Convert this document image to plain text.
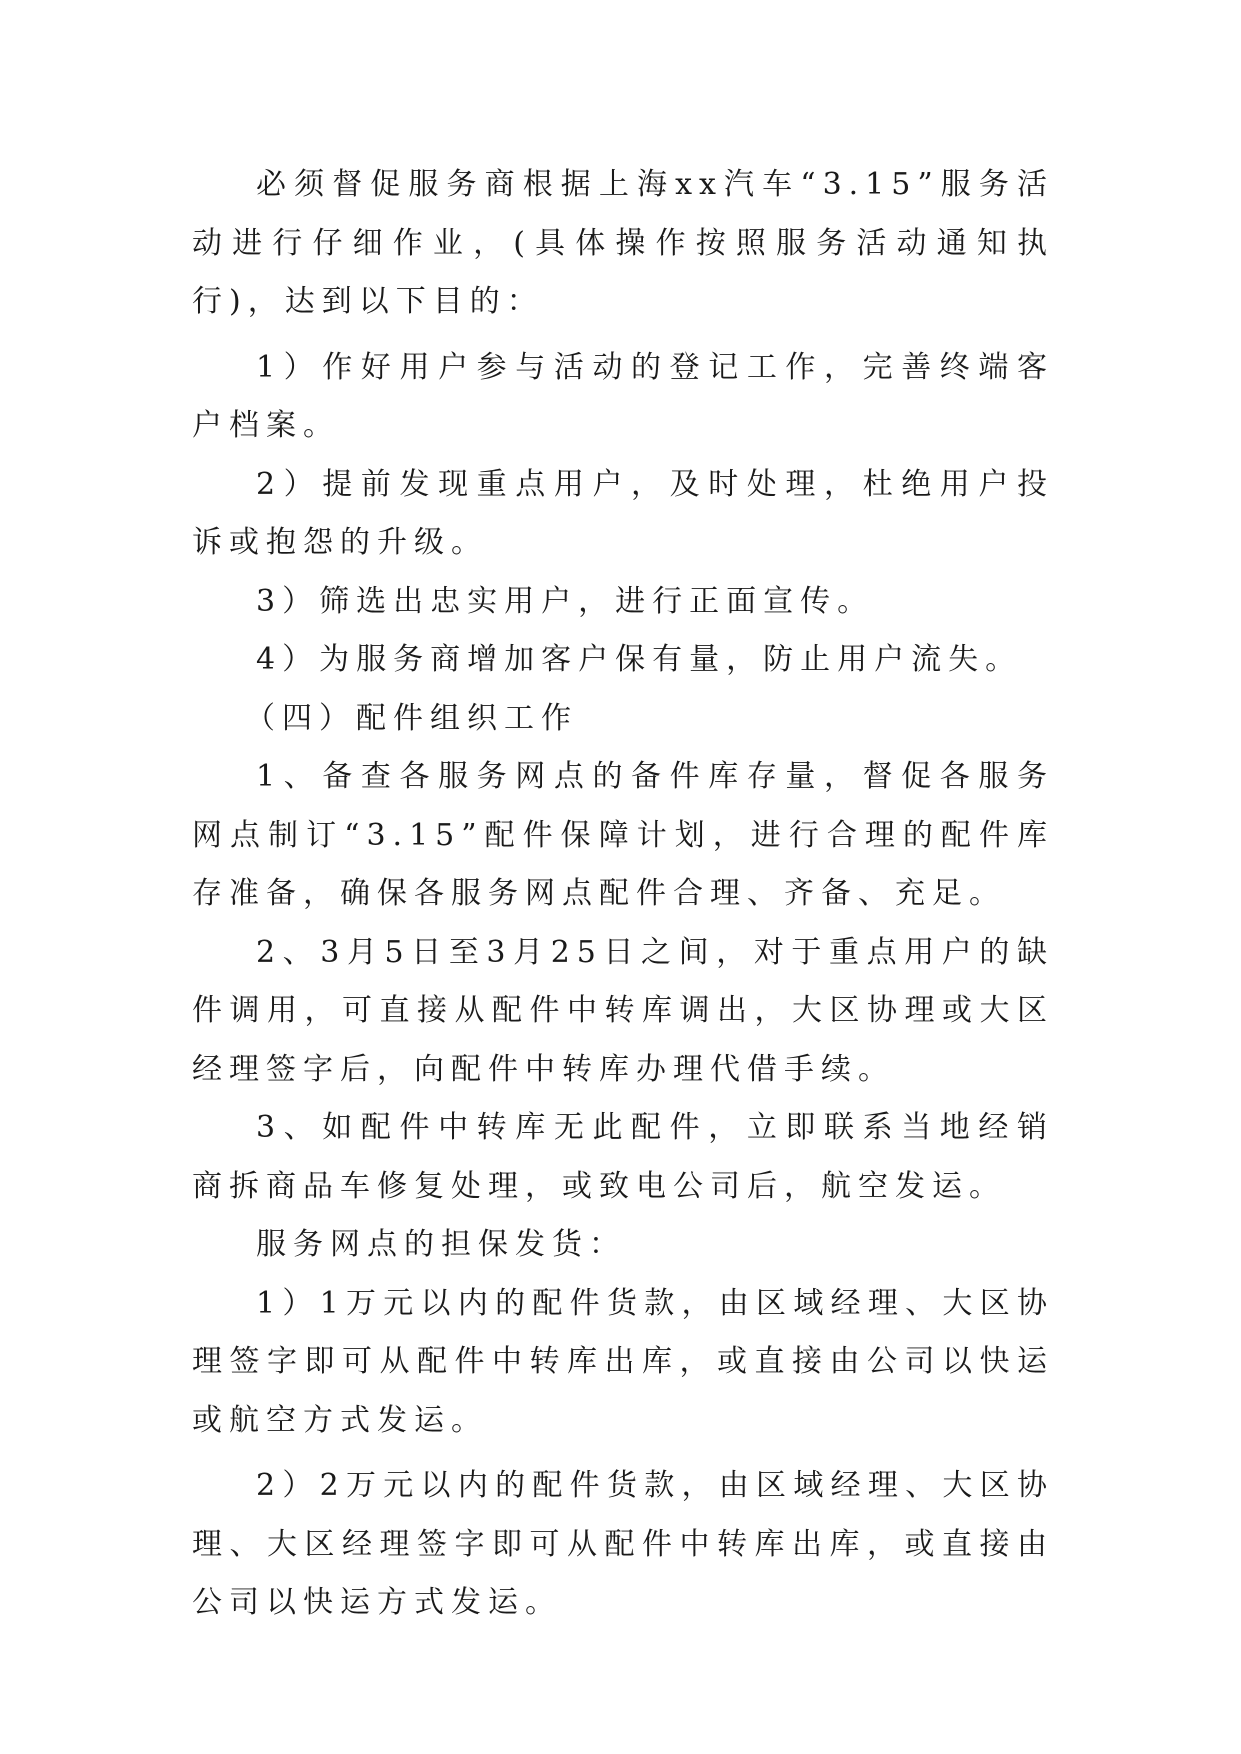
必须督促服务商根据上海xx汽车“3.15”服务活动进行仔细作业，(具体操作按照服务活动通知执行)，达到以下目的：

1）作好用户参与活动的登记工作，完善终端客户档案。

2）提前发现重点用户，及时处理，杜绝用户投诉或抱怨的升级。

3）筛选出忠实用户，进行正面宣传。

4）为服务商增加客户保有量，防止用户流失。

（四）配件组织工作

1、备查各服务网点的备件库存量，督促各服务网点制订“3.15”配件保障计划，进行合理的配件库存准备，确保各服务网点配件合理、齐备、充足。

2、3月5日至3月25日之间，对于重点用户的缺件调用，可直接从配件中转库调出，大区协理或大区经理签字后，向配件中转库办理代借手续。

3、如配件中转库无此配件，立即联系当地经销商拆商品车修复处理，或致电公司后，航空发运。

服务网点的担保发货：

1）1万元以内的配件货款，由区域经理、大区协理签字即可从配件中转库出库，或直接由公司以快运或航空方式发运。

2）2万元以内的配件货款，由区域经理、大区协理、大区经理签字即可从配件中转库出库，或直接由公司以快运方式发运。
